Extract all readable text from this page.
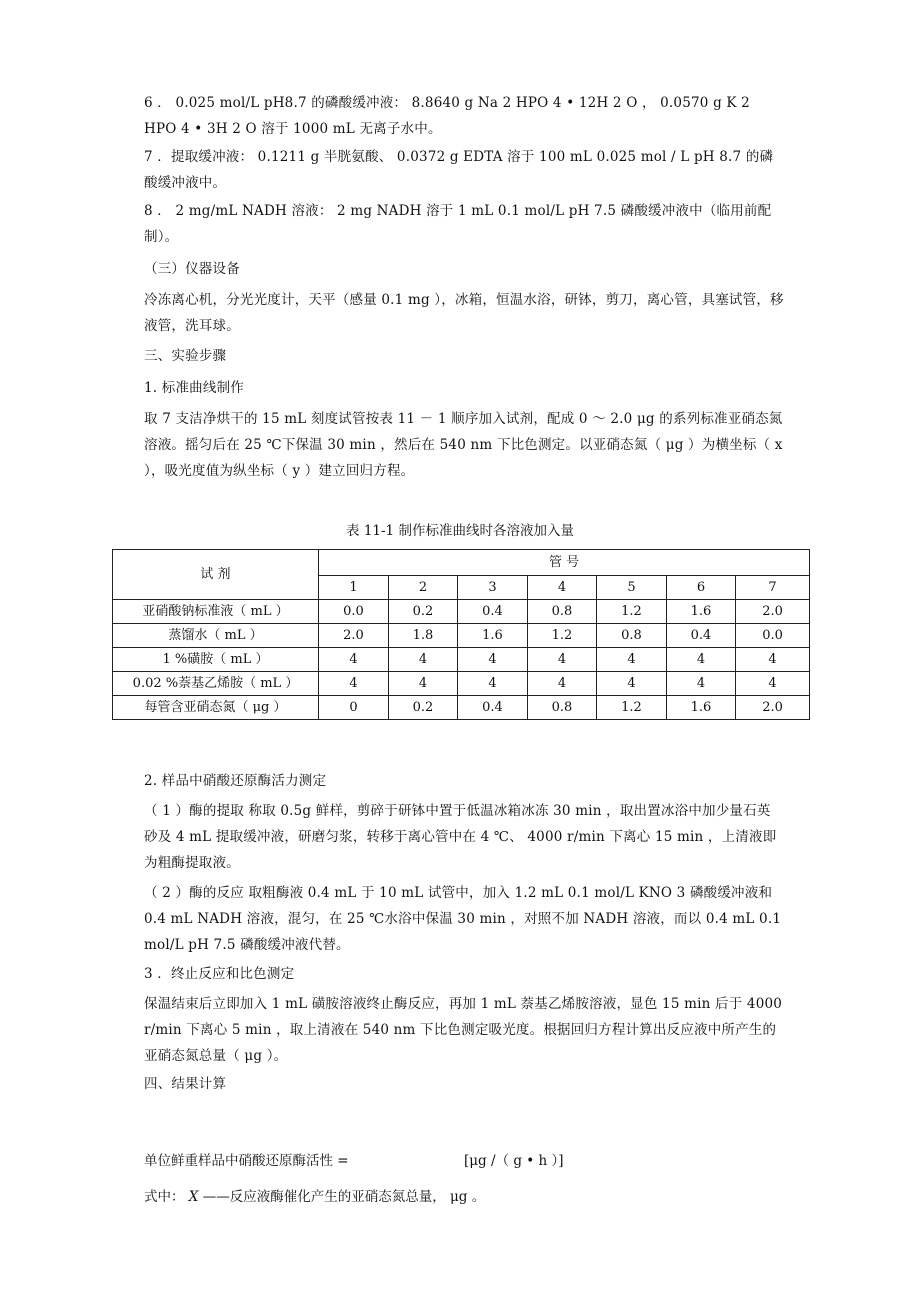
6 ． 0.025 mol/L pH8.7 的磷酸缓冲液： 8.8640 g Na 2 HPO 4 • 12H 2 O ， 0.0570 g K 2 HPO 4 • 3H 2 O 溶于 1000 mL 无离子水中。

7 ．提取缓冲液： 0.1211 g 半胱氨酸、 0.0372 g EDTA 溶于 100 mL 0.025 mol / L pH 8.7 的磷酸缓冲液中。

8 ． 2 mg/mL NADH 溶液： 2 mg NADH 溶于 1 mL 0.1 mol/L pH 7.5 磷酸缓冲液中（临用前配制）。

（三）仪器设备

冷冻离心机，分光光度计，天平（感量 0.1 mg ），冰箱，恒温水浴，研钵，剪刀，离心管，具塞试管，移液管，洗耳球。

三、实验步骤

1. 标准曲线制作

取 7 支洁净烘干的 15 mL 刻度试管按表 11 － 1 顺序加入试剂，配成 0 ～ 2.0 μg 的系列标准亚硝态氮溶液。摇匀后在 25 ℃下保温 30 min ，然后在 540 nm 下比色测定。以亚硝态氮（ μg ）为横坐标（ x ），吸光度值为纵坐标（ y ）建立回归方程。

表 11-1 制作标准曲线时各溶液加入量
试 剂	管 号						
	1	2	3	4	5	6	7
亚硝酸钠标准液（ mL ）	0.0	0.2	0.4	0.8	1.2	1.6	2.0
蒸馏水（ mL ）	2.0	1.8	1.6	1.2	0.8	0.4	0.0
1 %磺胺（ mL ）	4	4	4	4	4	4	4
0.02 %萘基乙烯胺（ mL ）	4	4	4	4	4	4	4
每管含亚硝态氮（ μg ）	0	0.2	0.4	0.8	1.2	1.6	2.0

2. 样品中硝酸还原酶活力测定

（ 1 ）酶的提取 称取 0.5g 鲜样，剪碎于研钵中置于低温冰箱冰冻 30 min ，取出置冰浴中加少量石英砂及 4 mL 提取缓冲液，研磨匀浆，转移于离心管中在 4 ℃、 4000 r/min 下离心 15 min ，上清液即为粗酶提取液。

（ 2 ）酶的反应 取粗酶液 0.4 mL 于 10 mL 试管中，加入 1.2 mL 0.1 mol/L KNO 3 磷酸缓冲液和 0.4 mL NADH 溶液，混匀，在 25 ℃水浴中保温 30 min ，对照不加 NADH 溶液，而以 0.4 mL 0.1 mol/L pH 7.5 磷酸缓冲液代替。

3 ．终止反应和比色测定

保温结束后立即加入 1 mL 磺胺溶液终止酶反应，再加 1 mL 萘基乙烯胺溶液，显色 15 min 后于 4000 r/min 下离心 5 min ，取上清液在 540 nm 下比色测定吸光度。根据回归方程计算出反应液中所产生的亚硝态氮总量（ μg ）。

四、结果计算

单位鲜重样品中硝酸还原酶活性 =	[μg /（ g • h ）]
式中： X ——反应液酶催化产生的亚硝态氮总量， μg 。
